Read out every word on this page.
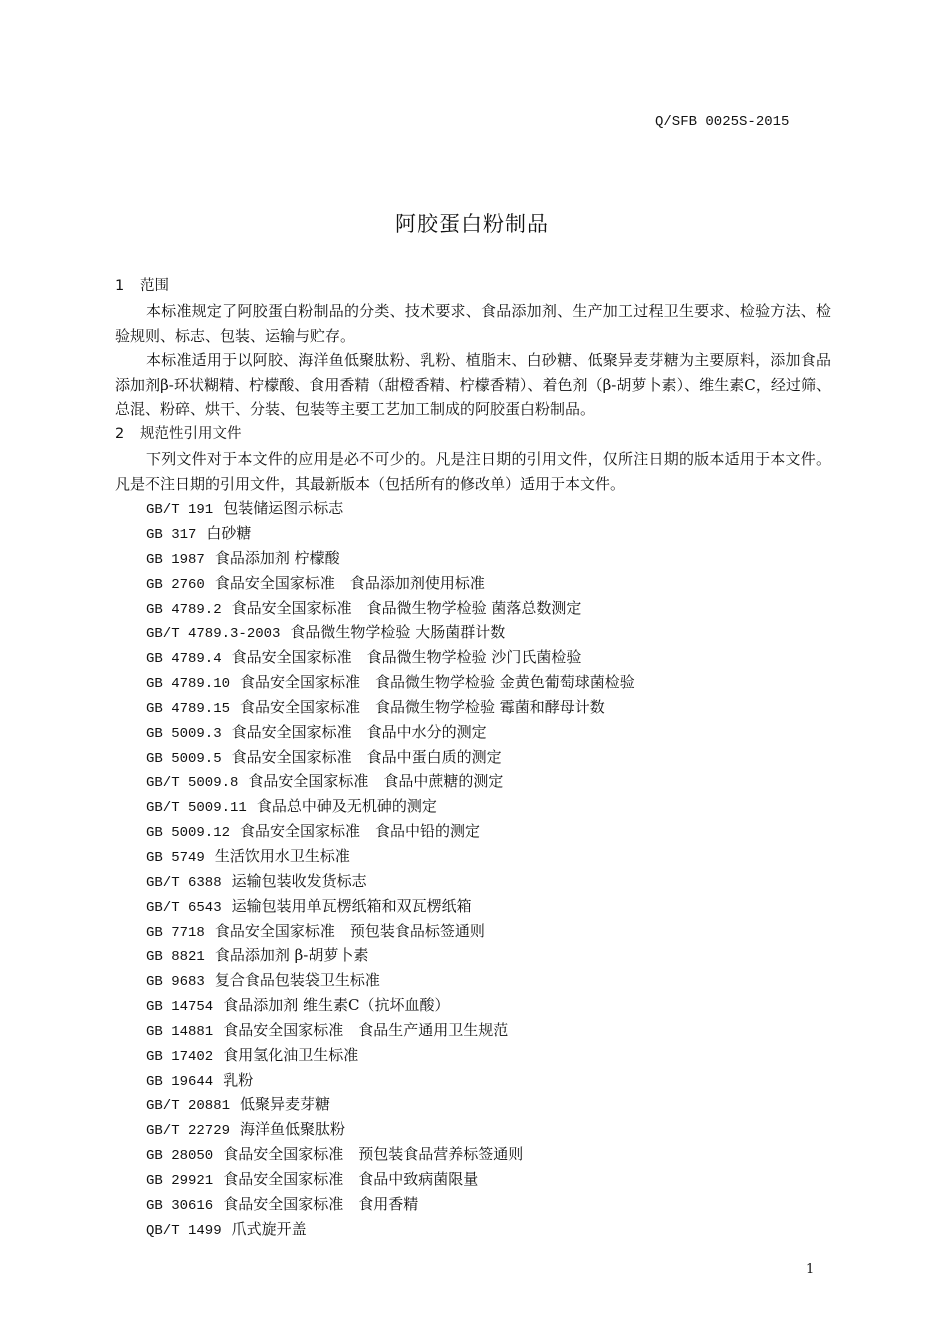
Q/SFB 0025S-2015
阿胶蛋白粉制品
1 范围

本标准规定了阿胶蛋白粉制品的分类、技术要求、食品添加剂、生产加工过程卫生要求、检验方法、检验规则、标志、包装、运输与贮存。

本标准适用于以阿胶、海洋鱼低聚肽粉、乳粉、植脂末、白砂糖、低聚异麦芽糖为主要原料，添加食品添加剂β-环状糊精、柠檬酸、食用香精（甜橙香精、柠檬香精）、着色剂（β-胡萝卜素）、维生素C，经过筛、总混、粉碎、烘干、分装、包装等主要工艺加工制成的阿胶蛋白粉制品。

2 规范性引用文件

下列文件对于本文件的应用是必不可少的。凡是注日期的引用文件，仅所注日期的版本适用于本文件。凡是不注日期的引用文件，其最新版本（包括所有的修改单）适用于本文件。

GB/T 191 包装储运图示标志
GB 317 白砂糖
GB 1987 食品添加剂 柠檬酸
GB 2760 食品安全国家标准　食品添加剂使用标准
GB 4789.2 食品安全国家标准　食品微生物学检验 菌落总数测定
GB/T 4789.3-2003 食品微生物学检验 大肠菌群计数
GB 4789.4 食品安全国家标准　食品微生物学检验 沙门氏菌检验
GB 4789.10 食品安全国家标准　食品微生物学检验 金黄色葡萄球菌检验
GB 4789.15 食品安全国家标准　食品微生物学检验 霉菌和酵母计数
GB 5009.3 食品安全国家标准　食品中水分的测定
GB 5009.5 食品安全国家标准　食品中蛋白质的测定
GB/T 5009.8 食品安全国家标准　食品中蔗糖的测定
GB/T 5009.11 食品总中砷及无机砷的测定
GB 5009.12 食品安全国家标准　食品中铅的测定
GB 5749 生活饮用水卫生标准
GB/T 6388 运输包装收发货标志
GB/T 6543 运输包装用单瓦楞纸箱和双瓦楞纸箱
GB 7718 食品安全国家标准　预包装食品标签通则
GB 8821 食品添加剂 β-胡萝卜素
GB 9683 复合食品包装袋卫生标准
GB 14754 食品添加剂 维生素C（抗坏血酸）
GB 14881 食品安全国家标准　食品生产通用卫生规范
GB 17402 食用氢化油卫生标准
GB 19644 乳粉
GB/T 20881 低聚异麦芽糖
GB/T 22729 海洋鱼低聚肽粉
GB 28050 食品安全国家标准　预包装食品营养标签通则
GB 29921 食品安全国家标准　食品中致病菌限量
GB 30616 食品安全国家标准　食用香精
QB/T 1499 爪式旋开盖
1
